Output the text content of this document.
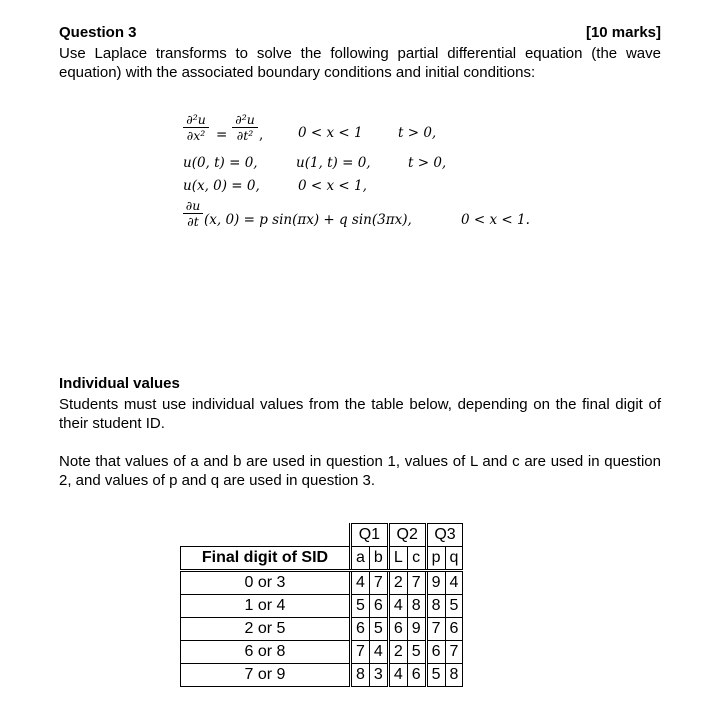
Question 3	[10 marks]
Use Laplace transforms to solve the following partial differential equation (the wave equation) with the associated boundary conditions and initial conditions:
∂²u
∂x² =
∂²u
∂t² ,	0 < x < 1	t > 0,
u(0, t) = 0,	u(1, t) = 0,	t > 0,
u(x, 0) = 0,	0 < x < 1,
∂u
∂t (x, 0) = p sin(πx) + q sin(3πx),	0 < x < 1.
Individual values
Students must use individual values from the table below, depending on the final digit of their student ID.
Note that values of a and b are used in question 1, values of L and c are used in question 2, and values of p and q are used in question 3.
	Q1		Q2		Q3	
Final digit of SID	a	b	L	c	p	q
0 or 3	4	7	2	7	9	4
1 or 4	5	6	4	8	8	5
2 or 5	6	5	6	9	7	6
6 or 8	7	4	2	5	6	7
7 or 9	8	3	4	6	5	8
